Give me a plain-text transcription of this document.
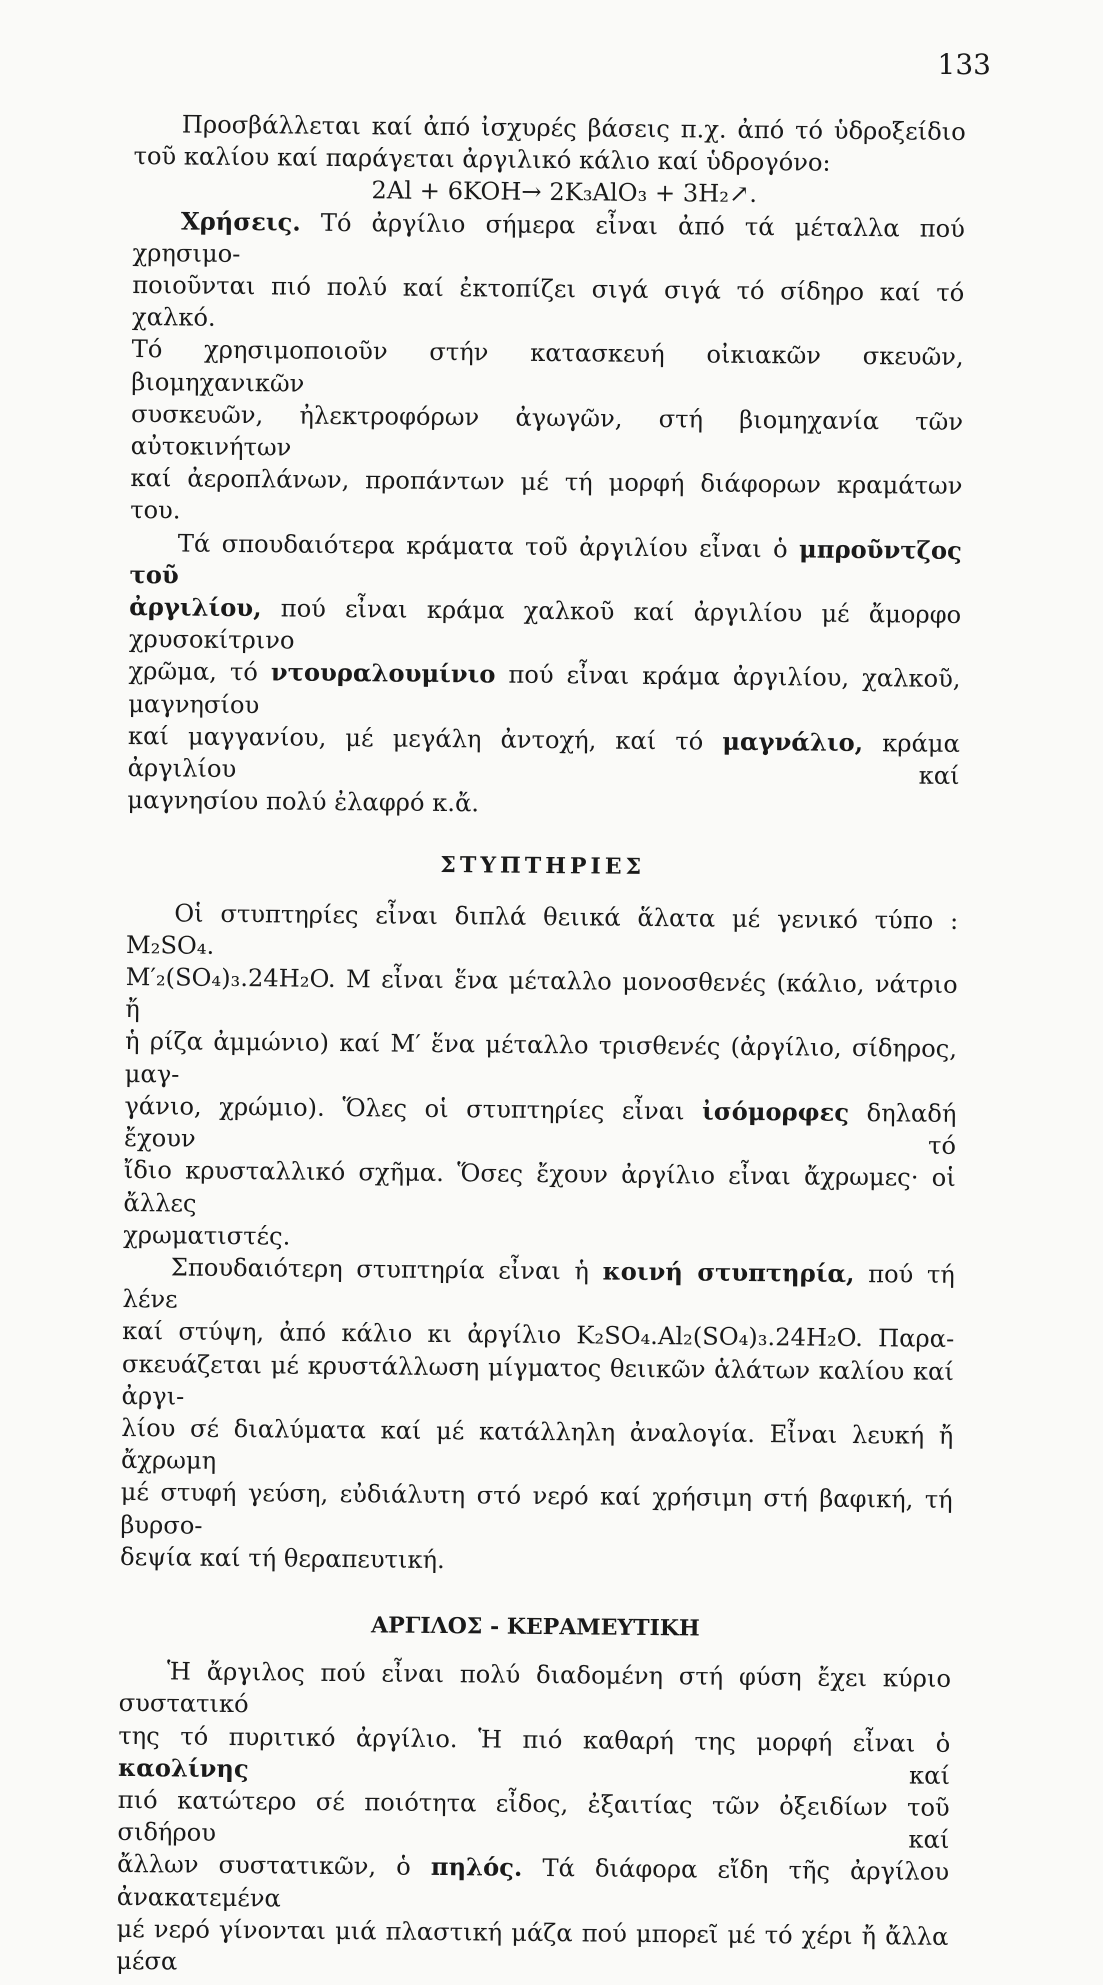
133

Προσβάλλεται καί ἀπό ἰσχυρές βάσεις π.χ. ἀπό τό ὑδροξείδιο

τοῦ καλίου καί παράγεται ἀργιλικό κάλιο καί ὑδρογόνο:

2Al + 6KOH→ 2K₃AlO₃ + 3H₂↗.

Χρήσεις. Τό ἀργίλιο σήμερα εἶναι ἀπό τά μέταλλα πού χρησιμο-

ποιοῦνται πιό πολύ καί ἐκτοπίζει σιγά σιγά τό σίδηρο καί τό χαλκό.

Τό χρησιμοποιοῦν στήν κατασκευή οἰκιακῶν σκευῶν, βιομηχανικῶν

συσκευῶν, ἠλεκτροφόρων ἀγωγῶν, στή βιομηχανία τῶν αὐτοκινήτων

καί ἀεροπλάνων, προπάντων μέ τή μορφή διάφορων κραμάτων του.

Τά σπουδαιότερα κράματα τοῦ ἀργιλίου εἶναι ὁ μπροῦντζος τοῦ

ἀργιλίου, πού εἶναι κράμα χαλκοῦ καί ἀργιλίου μέ ἄμορφο χρυσοκίτρινο

χρῶμα, τό ντουραλουμίνιο πού εἶναι κράμα ἀργιλίου, χαλκοῦ, μαγνησίου

καί μαγγανίου, μέ μεγάλη ἀντοχή, καί τό μαγνάλιο, κράμα ἀργιλίου καί

μαγνησίου πολύ ἐλαφρό κ.ἄ.

ΣΤΥΠΤΗΡΙΕΣ

Οἱ στυπτηρίες εἶναι διπλά θειικά ἅλατα μέ γενικό τύπο : M₂SO₄.

M′₂(SO₄)₃.24H₂O. M εἶναι ἕνα μέταλλο μονοσθενές (κάλιο, νάτριο ἤ

ἡ ρίζα ἀμμώνιο) καί M′ ἕνα μέταλλο τρισθενές (ἀργίλιο, σίδηρος, μαγ-

γάνιο, χρώμιο). Ὅλες οἱ στυπτηρίες εἶναι ἰσόμορφες δηλαδή ἔχουν τό

ἴδιο κρυσταλλικό σχῆμα. Ὅσες ἔχουν ἀργίλιο εἶναι ἄχρωμες· οἱ ἄλλες

χρωματιστές.

Σπουδαιότερη στυπτηρία εἶναι ἡ κοινή στυπτηρία, πού τή λένε

καί στύψη, ἀπό κάλιο κι ἀργίλιο K₂SO₄.Al₂(SO₄)₃.24H₂O. Παρα-

σκευάζεται μέ κρυστάλλωση μίγματος θειικῶν ἁλάτων καλίου καί ἀργι-

λίου σέ διαλύματα καί μέ κατάλληλη ἀναλογία. Εἶναι λευκή ἤ ἄχρωμη

μέ στυφή γεύση, εὐδιάλυτη στό νερό καί χρήσιμη στή βαφική, τή βυρσο-

δεψία καί τή θεραπευτική.

ΑΡΓΙΛΟΣ - ΚΕΡΑΜΕΥΤΙΚΗ

Ἡ ἄργιλος πού εἶναι πολύ διαδομένη στή φύση ἔχει κύριο συστατικό

της τό πυριτικό ἀργίλιο. Ἡ πιό καθαρή της μορφή εἶναι ὁ καολίνης καί

πιό κατώτερο σέ ποιότητα εἶδος, ἐξαιτίας τῶν ὀξειδίων τοῦ σιδήρου καί

ἄλλων συστατικῶν, ὁ πηλός. Τά διάφορα εἴδη τῆς ἀργίλου ἀνακατεμένα

μέ νερό γίνονται μιά πλαστική μάζα πού μπορεῖ μέ τό χέρι ἤ ἄλλα μέσα
